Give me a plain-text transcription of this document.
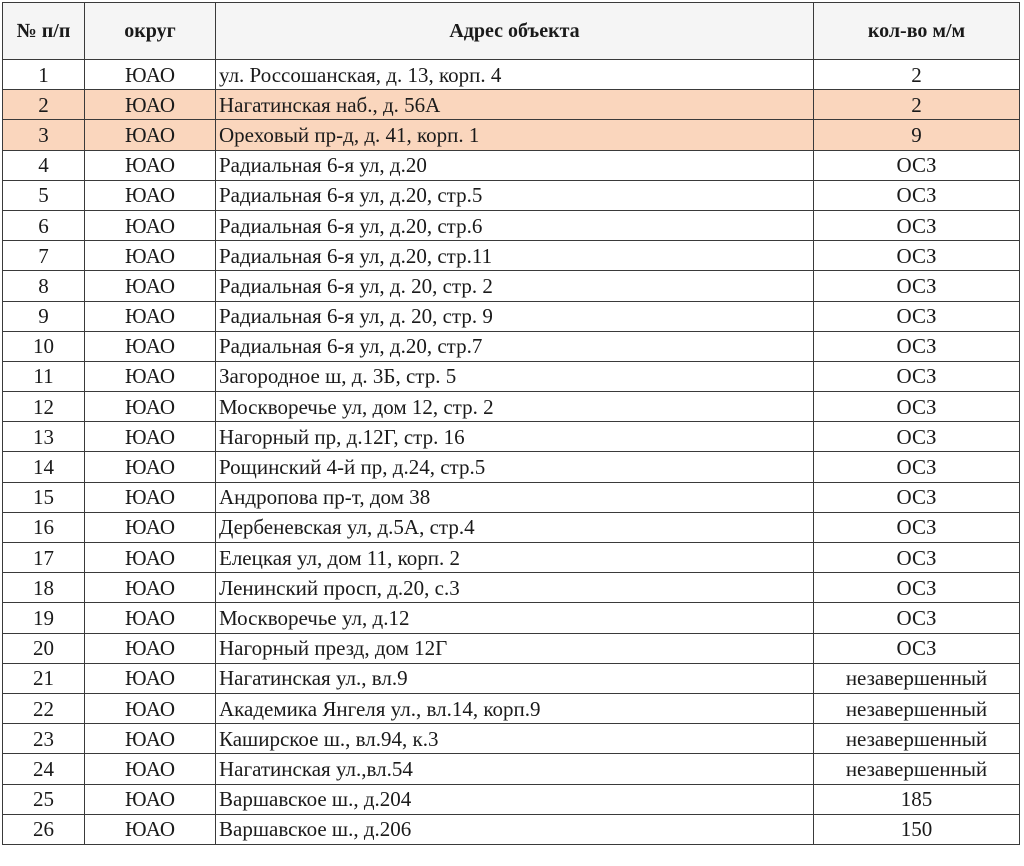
№ п/п	округ	Адрес объекта	кол-во м/м
1	ЮАО	ул. Россошанская, д. 13, корп. 4	2
2	ЮАО	Нагатинская наб., д. 56А	2
3	ЮАО	Ореховый пр-д, д. 41, корп. 1	9
4	ЮАО	Радиальная 6-я ул, д.20	ОСЗ
5	ЮАО	Радиальная 6-я ул, д.20, стр.5	ОСЗ
6	ЮАО	Радиальная 6-я ул, д.20, стр.6	ОСЗ
7	ЮАО	Радиальная 6-я ул, д.20, стр.11	ОСЗ
8	ЮАО	Радиальная 6-я ул, д. 20, стр. 2	ОСЗ
9	ЮАО	Радиальная 6-я ул, д. 20, стр. 9	ОСЗ
10	ЮАО	Радиальная 6-я ул, д.20, стр.7	ОСЗ
11	ЮАО	Загородное ш, д. 3Б, стр. 5	ОСЗ
12	ЮАО	Москворечье ул, дом 12, стр. 2	ОСЗ
13	ЮАО	Нагорный пр, д.12Г, стр. 16	ОСЗ
14	ЮАО	Рощинский 4-й пр, д.24, стр.5	ОСЗ
15	ЮАО	Андропова пр-т, дом 38	ОСЗ
16	ЮАО	Дербеневская ул, д.5А, стр.4	ОСЗ
17	ЮАО	Елецкая ул, дом 11, корп. 2	ОСЗ
18	ЮАО	Ленинский просп, д.20, с.3	ОСЗ
19	ЮАО	Москворечье ул, д.12	ОСЗ
20	ЮАО	Нагорный презд, дом 12Г	ОСЗ
21	ЮАО	Нагатинская ул., вл.9	незавершенный
22	ЮАО	Академика Янгеля ул., вл.14, корп.9	незавершенный
23	ЮАО	Каширское ш., вл.94, к.3	незавершенный
24	ЮАО	Нагатинская ул.,вл.54	незавершенный
25	ЮАО	Варшавское ш., д.204	185
26	ЮАО	Варшавское ш., д.206	150
